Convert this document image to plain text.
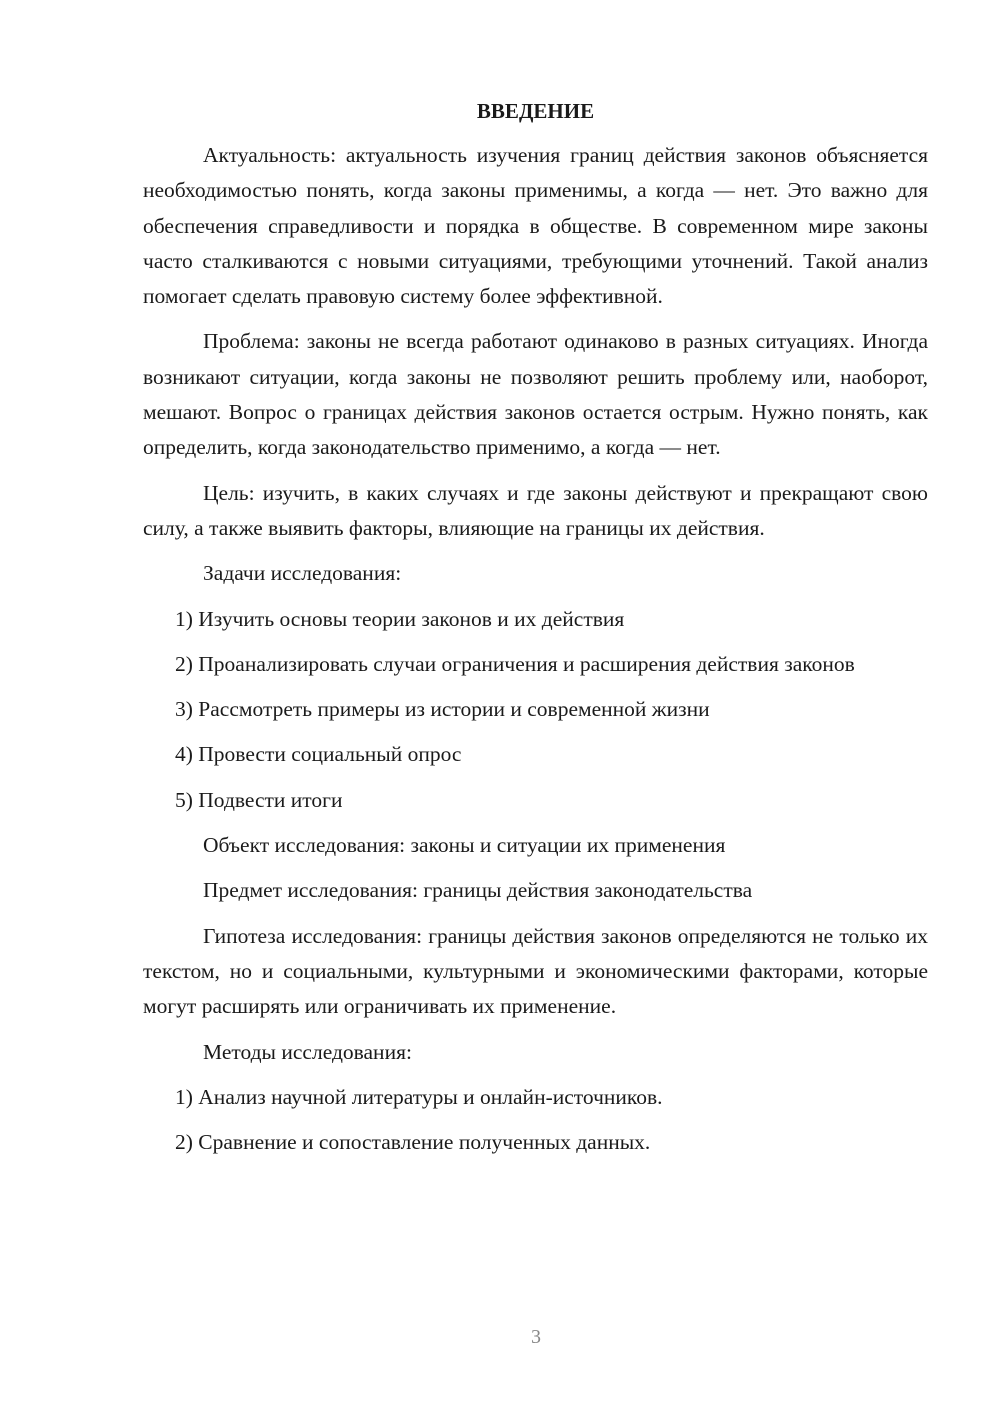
ВВЕДЕНИЕ

Актуальность: актуальность изучения границ действия законов объясняется необходимостью понять, когда законы применимы, а когда — нет. Это важно для обеспечения справедливости и порядка в обществе. В современном мире законы часто сталкиваются с новыми ситуациями, требующими уточнений. Такой анализ помогает сделать правовую систему более эффективной.

Проблема: законы не всегда работают одинаково в разных ситуациях. Иногда возникают ситуации, когда законы не позволяют решить проблему или, наоборот, мешают. Вопрос о границах действия законов остается острым. Нужно понять, как определить, когда законодательство применимо, а когда — нет.

Цель: изучить, в каких случаях и где законы действуют и прекращают свою силу, а также выявить факторы, влияющие на границы их действия.

Задачи исследования:

1) Изучить основы теории законов и их действия

2) Проанализировать случаи ограничения и расширения действия законов

3) Рассмотреть примеры из истории и современной жизни

4) Провести социальный опрос

5) Подвести итоги

Объект исследования: законы и ситуации их применения

Предмет исследования: границы действия законодательства

Гипотеза исследования: границы действия законов определяются не только их текстом, но и социальными, культурными и экономическими факторами, которые могут расширять или ограничивать их применение.

Методы исследования:

1) Анализ научной литературы и онлайн-источников.

2) Сравнение и сопоставление полученных данных.

3
